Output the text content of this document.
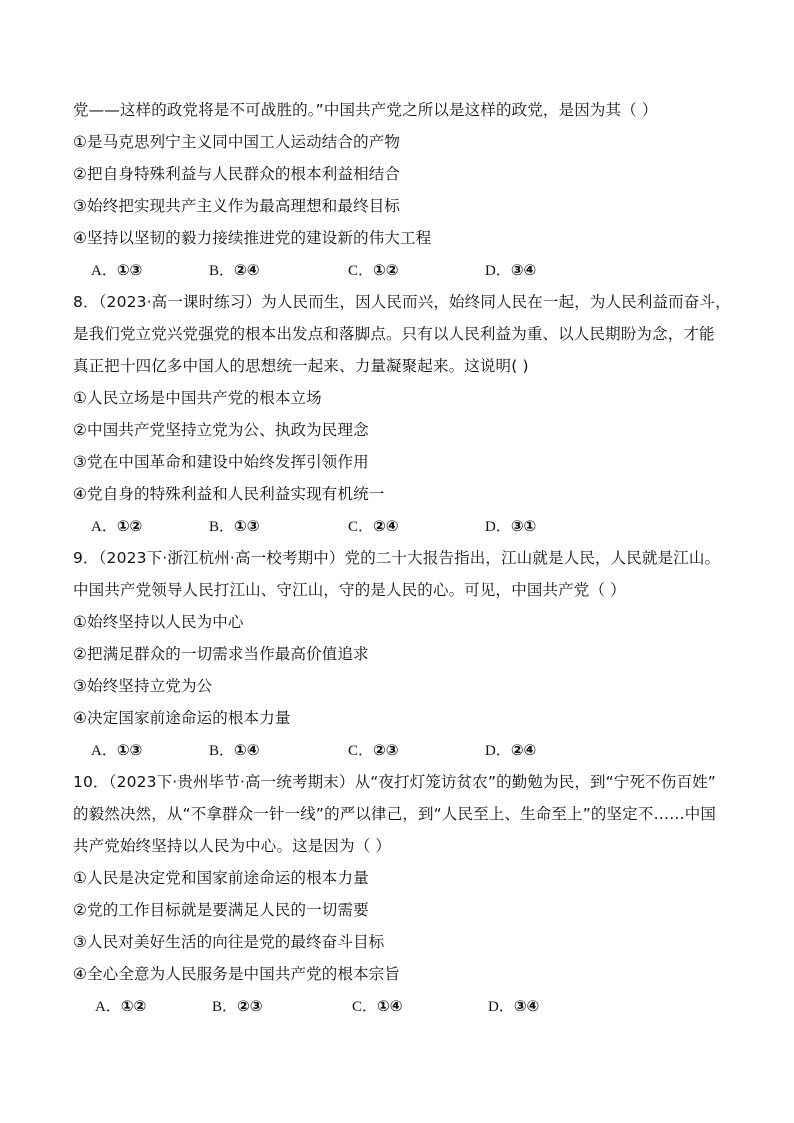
党——这样的政党将是不可战胜的。”中国共产党之所以是这样的政党，是因为其（ ）
①是马克思列宁主义同中国工人运动结合的产物
②把自身特殊利益与人民群众的根本利益相结合
③始终把实现共产主义作为最高理想和最终目标
④坚持以坚韧的毅力接续推进党的建设新的伟大工程
A．①③	B．②④	C．①②	D．③④
8．（2023·高一课时练习）为人民而生，因人民而兴，始终同人民在一起，为人民利益而奋斗，
是我们党立党兴党强党的根本出发点和落脚点。只有以人民利益为重、以人民期盼为念，才能
真正把十四亿多中国人的思想统一起来、力量凝聚起来。这说明( )
①人民立场是中国共产党的根本立场
②中国共产党坚持立党为公、执政为民理念
③党在中国革命和建设中始终发挥引领作用
④党自身的特殊利益和人民利益实现有机统一
A．①②	B．①③	C．②④	D．③①
9．（2023下·浙江杭州·高一校考期中）党的二十大报告指出，江山就是人民，人民就是江山。
中国共产党领导人民打江山、守江山，守的是人民的心。可见，中国共产党（ ）
①始终坚持以人民为中心
②把满足群众的一切需求当作最高价值追求
③始终坚持立党为公
④决定国家前途命运的根本力量
A．①③	B．①④	C．②③	D．②④
10．（2023下·贵州毕节·高一统考期末）从“夜打灯笼访贫农”的勤勉为民，到“宁死不伤百姓”
的毅然决然，从“不拿群众一针一线”的严以律己，到“人民至上、生命至上”的坚定不……中国
共产党始终坚持以人民为中心。这是因为（ ）
①人民是决定党和国家前途命运的根本力量
②党的工作目标就是要满足人民的一切需要
③人民对美好生活的向往是党的最终奋斗目标
④全心全意为人民服务是中国共产党的根本宗旨
A．①②	B．②③	C．①④	D．③④
